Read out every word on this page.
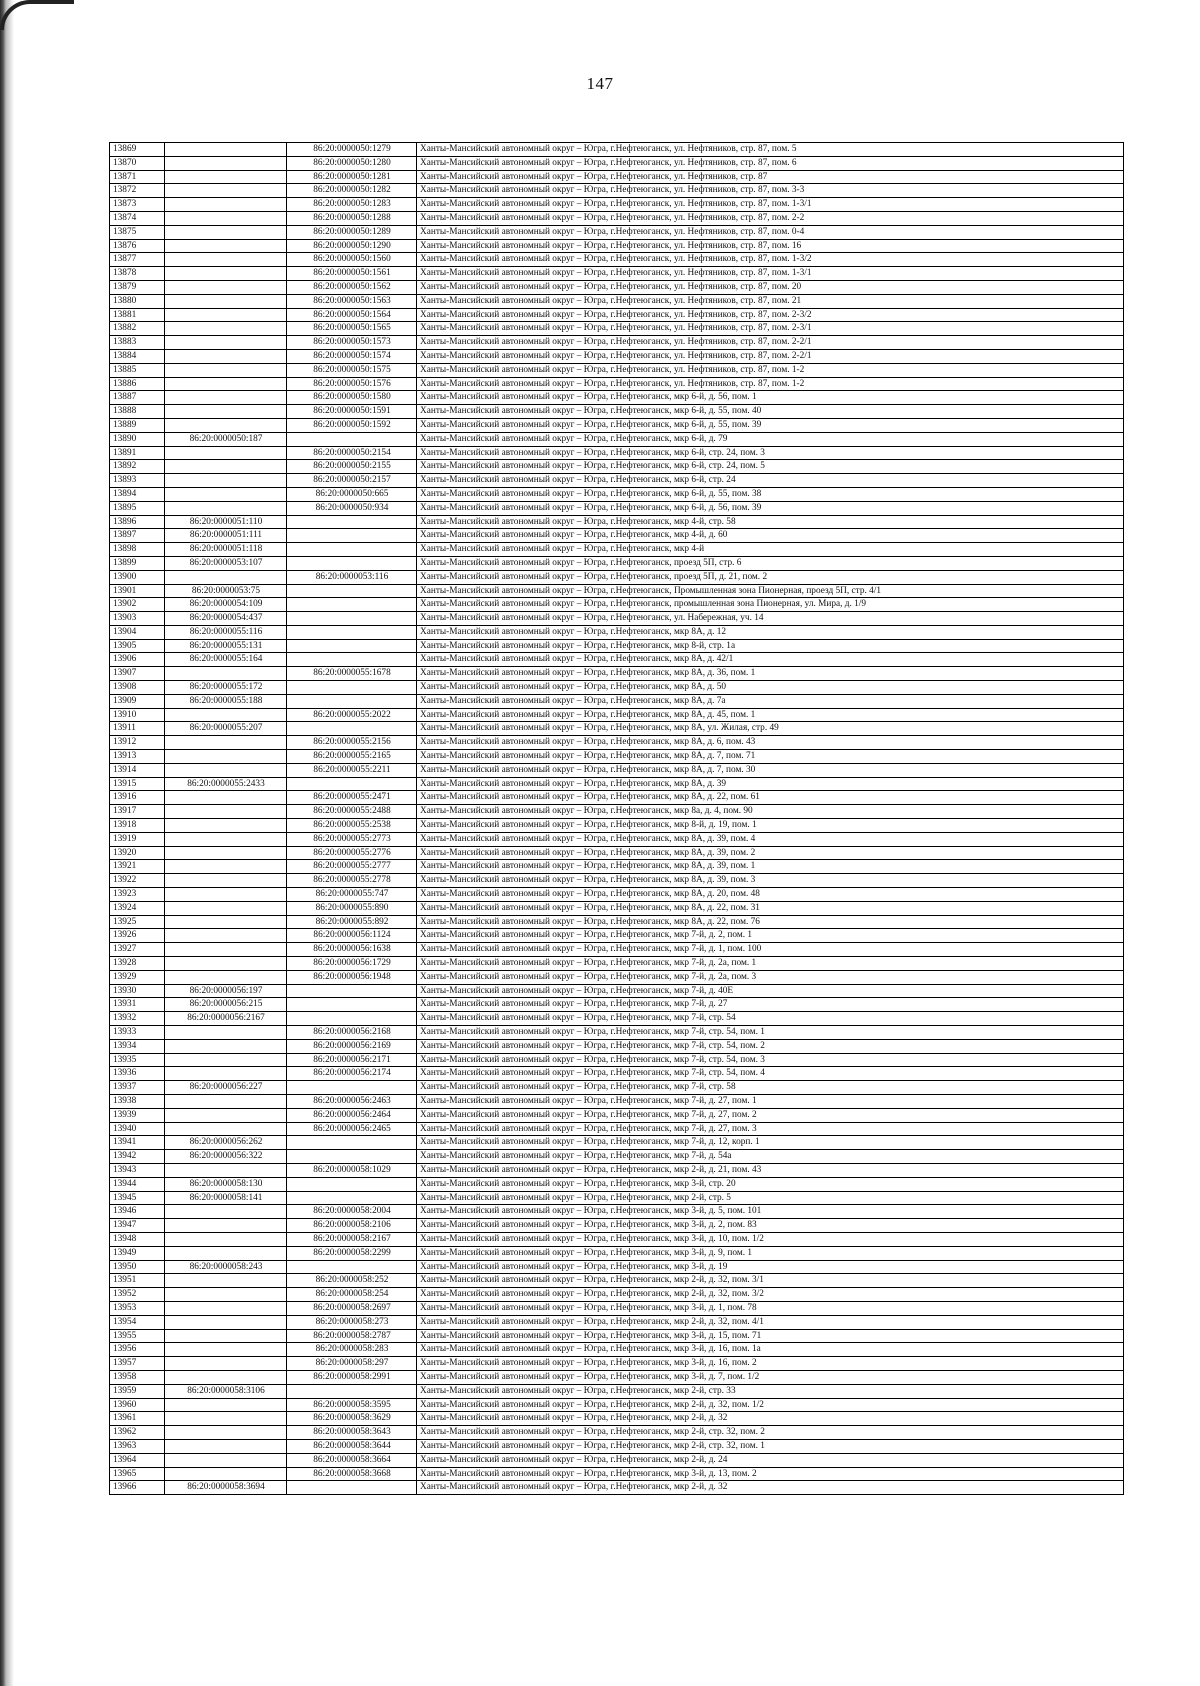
147
13869		86:20:0000050:1279	Ханты-Мансийский автономный округ – Югра, г.Нефтеюганск, ул. Нефтяников, стр. 87, пом. 5
13870		86:20:0000050:1280	Ханты-Мансийский автономный округ – Югра, г.Нефтеюганск, ул. Нефтяников, стр. 87, пом. 6
13871		86:20:0000050:1281	Ханты-Мансийский автономный округ – Югра, г.Нефтеюганск, ул. Нефтяников, стр. 87
13872		86:20:0000050:1282	Ханты-Мансийский автономный округ – Югра, г.Нефтеюганск, ул. Нефтяников, стр. 87, пом. 3-3
13873		86:20:0000050:1283	Ханты-Мансийский автономный округ – Югра, г.Нефтеюганск, ул. Нефтяников, стр. 87, пом. 1-3/1
13874		86:20:0000050:1288	Ханты-Мансийский автономный округ – Югра, г.Нефтеюганск, ул. Нефтяников, стр. 87, пом. 2-2
13875		86:20:0000050:1289	Ханты-Мансийский автономный округ – Югра, г.Нефтеюганск, ул. Нефтяников, стр. 87, пом. 0-4
13876		86:20:0000050:1290	Ханты-Мансийский автономный округ – Югра, г.Нефтеюганск, ул. Нефтяников, стр. 87, пом. 16
13877		86:20:0000050:1560	Ханты-Мансийский автономный округ – Югра, г.Нефтеюганск, ул. Нефтяников, стр. 87, пом. 1-3/2
13878		86:20:0000050:1561	Ханты-Мансийский автономный округ – Югра, г.Нефтеюганск, ул. Нефтяников, стр. 87, пом. 1-3/1
13879		86:20:0000050:1562	Ханты-Мансийский автономный округ – Югра, г.Нефтеюганск, ул. Нефтяников, стр. 87, пом. 20
13880		86:20:0000050:1563	Ханты-Мансийский автономный округ – Югра, г.Нефтеюганск, ул. Нефтяников, стр. 87, пом. 21
13881		86:20:0000050:1564	Ханты-Мансийский автономный округ – Югра, г.Нефтеюганск, ул. Нефтяников, стр. 87, пом. 2-3/2
13882		86:20:0000050:1565	Ханты-Мансийский автономный округ – Югра, г.Нефтеюганск, ул. Нефтяников, стр. 87, пом. 2-3/1
13883		86:20:0000050:1573	Ханты-Мансийский автономный округ – Югра, г.Нефтеюганск, ул. Нефтяников, стр. 87, пом. 2-2/1
13884		86:20:0000050:1574	Ханты-Мансийский автономный округ – Югра, г.Нефтеюганск, ул. Нефтяников, стр. 87, пом. 2-2/1
13885		86:20:0000050:1575	Ханты-Мансийский автономный округ – Югра, г.Нефтеюганск, ул. Нефтяников, стр. 87, пом. 1-2
13886		86:20:0000050:1576	Ханты-Мансийский автономный округ – Югра, г.Нефтеюганск, ул. Нефтяников, стр. 87, пом. 1-2
13887		86:20:0000050:1580	Ханты-Мансийский автономный округ – Югра, г.Нефтеюганск, мкр 6-й, д. 56, пом. 1
13888		86:20:0000050:1591	Ханты-Мансийский автономный округ – Югра, г.Нефтеюганск, мкр 6-й, д. 55, пом. 40
13889		86:20:0000050:1592	Ханты-Мансийский автономный округ – Югра, г.Нефтеюганск, мкр 6-й, д. 55, пом. 39
13890	86:20:0000050:187		Ханты-Мансийский автономный округ – Югра, г.Нефтеюганск, мкр 6-й, д. 79
13891		86:20:0000050:2154	Ханты-Мансийский автономный округ – Югра, г.Нефтеюганск, мкр 6-й, стр. 24, пом. 3
13892		86:20:0000050:2155	Ханты-Мансийский автономный округ – Югра, г.Нефтеюганск, мкр 6-й, стр. 24, пом. 5
13893		86:20:0000050:2157	Ханты-Мансийский автономный округ – Югра, г.Нефтеюганск, мкр 6-й, стр. 24
13894		86:20:0000050:665	Ханты-Мансийский автономный округ – Югра, г.Нефтеюганск, мкр 6-й, д. 55, пом. 38
13895		86:20:0000050:934	Ханты-Мансийский автономный округ – Югра, г.Нефтеюганск, мкр 6-й, д. 56, пом. 39
13896	86:20:0000051:110		Ханты-Мансийский автономный округ – Югра, г.Нефтеюганск, мкр 4-й, стр. 58
13897	86:20:0000051:111		Ханты-Мансийский автономный округ – Югра, г.Нефтеюганск, мкр 4-й, д. 60
13898	86:20:0000051:118		Ханты-Мансийский автономный округ – Югра, г.Нефтеюганск, мкр 4-й
13899	86:20:0000053:107		Ханты-Мансийский автономный округ – Югра, г.Нефтеюганск, проезд 5П, стр. 6
13900		86:20:0000053:116	Ханты-Мансийский автономный округ – Югра, г.Нефтеюганск, проезд 5П, д. 21, пом. 2
13901	86:20:0000053:75		Ханты-Мансийский автономный округ – Югра, г.Нефтеюганск, Промышленная зона Пионерная, проезд 5П, стр. 4/1
13902	86:20:0000054:109		Ханты-Мансийский автономный округ – Югра, г.Нефтеюганск, промышленная зона Пионерная, ул. Мира, д. 1/9
13903	86:20:0000054:437		Ханты-Мансийский автономный округ – Югра, г.Нефтеюганск, ул. Набережная, уч. 14
13904	86:20:0000055:116		Ханты-Мансийский автономный округ – Югра, г.Нефтеюганск, мкр 8А, д. 12
13905	86:20:0000055:131		Ханты-Мансийский автономный округ – Югра, г.Нефтеюганск, мкр 8-й, стр. 1а
13906	86:20:0000055:164		Ханты-Мансийский автономный округ – Югра, г.Нефтеюганск, мкр 8А, д. 42/1
13907		86:20:0000055:1678	Ханты-Мансийский автономный округ – Югра, г.Нефтеюганск, мкр 8А, д. 36, пом. 1
13908	86:20:0000055:172		Ханты-Мансийский автономный округ – Югра, г.Нефтеюганск, мкр 8А, д. 50
13909	86:20:0000055:188		Ханты-Мансийский автономный округ – Югра, г.Нефтеюганск, мкр 8А, д. 7а
13910		86:20:0000055:2022	Ханты-Мансийский автономный округ – Югра, г.Нефтеюганск, мкр 8А, д. 45, пом. 1
13911	86:20:0000055:207		Ханты-Мансийский автономный округ – Югра, г.Нефтеюганск, мкр 8А, ул. Жилая, стр. 49
13912		86:20:0000055:2156	Ханты-Мансийский автономный округ – Югра, г.Нефтеюганск, мкр 8А, д. 6, пом. 43
13913		86:20:0000055:2165	Ханты-Мансийский автономный округ – Югра, г.Нефтеюганск, мкр 8А, д. 7, пом. 71
13914		86:20:0000055:2211	Ханты-Мансийский автономный округ – Югра, г.Нефтеюганск, мкр 8А, д. 7, пом. 30
13915	86:20:0000055:2433		Ханты-Мансийский автономный округ – Югра, г.Нефтеюганск, мкр 8А, д. 39
13916		86:20:0000055:2471	Ханты-Мансийский автономный округ – Югра, г.Нефтеюганск, мкр 8А, д. 22, пом. 61
13917		86:20:0000055:2488	Ханты-Мансийский автономный округ – Югра, г.Нефтеюганск, мкр 8а, д. 4, пом. 90
13918		86:20:0000055:2538	Ханты-Мансийский автономный округ – Югра, г.Нефтеюганск, мкр 8-й, д. 19, пом. 1
13919		86:20:0000055:2773	Ханты-Мансийский автономный округ – Югра, г.Нефтеюганск, мкр 8А, д. 39, пом. 4
13920		86:20:0000055:2776	Ханты-Мансийский автономный округ – Югра, г.Нефтеюганск, мкр 8А, д. 39, пом. 2
13921		86:20:0000055:2777	Ханты-Мансийский автономный округ – Югра, г.Нефтеюганск, мкр 8А, д. 39, пом. 1
13922		86:20:0000055:2778	Ханты-Мансийский автономный округ – Югра, г.Нефтеюганск, мкр 8А, д. 39, пом. 3
13923		86:20:0000055:747	Ханты-Мансийский автономный округ – Югра, г.Нефтеюганск, мкр 8А, д. 20, пом. 48
13924		86:20:0000055:890	Ханты-Мансийский автономный округ – Югра, г.Нефтеюганск, мкр 8А, д. 22, пом. 31
13925		86:20:0000055:892	Ханты-Мансийский автономный округ – Югра, г.Нефтеюганск, мкр 8А, д. 22, пом. 76
13926		86:20:0000056:1124	Ханты-Мансийский автономный округ – Югра, г.Нефтеюганск, мкр 7-й, д. 2, пом. 1
13927		86:20:0000056:1638	Ханты-Мансийский автономный округ – Югра, г.Нефтеюганск, мкр 7-й, д. 1, пом. 100
13928		86:20:0000056:1729	Ханты-Мансийский автономный округ – Югра, г.Нефтеюганск, мкр 7-й, д. 2а, пом. 1
13929		86:20:0000056:1948	Ханты-Мансийский автономный округ – Югра, г.Нефтеюганск, мкр 7-й, д. 2а, пом. 3
13930	86:20:0000056:197		Ханты-Мансийский автономный округ – Югра, г.Нефтеюганск, мкр 7-й, д. 40Е
13931	86:20:0000056:215		Ханты-Мансийский автономный округ – Югра, г.Нефтеюганск, мкр 7-й, д. 27
13932	86:20:0000056:2167		Ханты-Мансийский автономный округ – Югра, г.Нефтеюганск, мкр 7-й, стр. 54
13933		86:20:0000056:2168	Ханты-Мансийский автономный округ – Югра, г.Нефтеюганск, мкр 7-й, стр. 54, пом. 1
13934		86:20:0000056:2169	Ханты-Мансийский автономный округ – Югра, г.Нефтеюганск, мкр 7-й, стр. 54, пом. 2
13935		86:20:0000056:2171	Ханты-Мансийский автономный округ – Югра, г.Нефтеюганск, мкр 7-й, стр. 54, пом. 3
13936		86:20:0000056:2174	Ханты-Мансийский автономный округ – Югра, г.Нефтеюганск, мкр 7-й, стр. 54, пом. 4
13937	86:20:0000056:227		Ханты-Мансийский автономный округ – Югра, г.Нефтеюганск, мкр 7-й, стр. 58
13938		86:20:0000056:2463	Ханты-Мансийский автономный округ – Югра, г.Нефтеюганск, мкр 7-й, д. 27, пом. 1
13939		86:20:0000056:2464	Ханты-Мансийский автономный округ – Югра, г.Нефтеюганск, мкр 7-й, д. 27, пом. 2
13940		86:20:0000056:2465	Ханты-Мансийский автономный округ – Югра, г.Нефтеюганск, мкр 7-й, д. 27, пом. 3
13941	86:20:0000056:262		Ханты-Мансийский автономный округ – Югра, г.Нефтеюганск, мкр 7-й, д. 12, корп. 1
13942	86:20:0000056:322		Ханты-Мансийский автономный округ – Югра, г.Нефтеюганск, мкр 7-й, д. 54а
13943		86:20:0000058:1029	Ханты-Мансийский автономный округ – Югра, г.Нефтеюганск, мкр 2-й, д. 21, пом. 43
13944	86:20:0000058:130		Ханты-Мансийский автономный округ – Югра, г.Нефтеюганск, мкр 3-й, стр. 20
13945	86:20:0000058:141		Ханты-Мансийский автономный округ – Югра, г.Нефтеюганск, мкр 2-й, стр. 5
13946		86:20:0000058:2004	Ханты-Мансийский автономный округ – Югра, г.Нефтеюганск, мкр 3-й, д. 5, пом. 101
13947		86:20:0000058:2106	Ханты-Мансийский автономный округ – Югра, г.Нефтеюганск, мкр 3-й, д. 2, пом. 83
13948		86:20:0000058:2167	Ханты-Мансийский автономный округ – Югра, г.Нефтеюганск, мкр 3-й, д. 10, пом. 1/2
13949		86:20:0000058:2299	Ханты-Мансийский автономный округ – Югра, г.Нефтеюганск, мкр 3-й, д. 9, пом. 1
13950	86:20:0000058:243		Ханты-Мансийский автономный округ – Югра, г.Нефтеюганск, мкр 3-й, д. 19
13951		86:20:0000058:252	Ханты-Мансийский автономный округ – Югра, г.Нефтеюганск, мкр 2-й, д. 32, пом. 3/1
13952		86:20:0000058:254	Ханты-Мансийский автономный округ – Югра, г.Нефтеюганск, мкр 2-й, д. 32, пом. 3/2
13953		86:20:0000058:2697	Ханты-Мансийский автономный округ – Югра, г.Нефтеюганск, мкр 3-й, д. 1, пом. 78
13954		86:20:0000058:273	Ханты-Мансийский автономный округ – Югра, г.Нефтеюганск, мкр 2-й, д. 32, пом. 4/1
13955		86:20:0000058:2787	Ханты-Мансийский автономный округ – Югра, г.Нефтеюганск, мкр 3-й, д. 15, пом. 71
13956		86:20:0000058:283	Ханты-Мансийский автономный округ – Югра, г.Нефтеюганск, мкр 3-й, д. 16, пом. 1а
13957		86:20:0000058:297	Ханты-Мансийский автономный округ – Югра, г.Нефтеюганск, мкр 3-й, д. 16, пом. 2
13958		86:20:0000058:2991	Ханты-Мансийский автономный округ – Югра, г.Нефтеюганск, мкр 3-й, д. 7, пом. 1/2
13959	86:20:0000058:3106		Ханты-Мансийский автономный округ – Югра, г.Нефтеюганск, мкр 2-й, стр. 33
13960		86:20:0000058:3595	Ханты-Мансийский автономный округ – Югра, г.Нефтеюганск, мкр 2-й, д. 32, пом. 1/2
13961		86:20:0000058:3629	Ханты-Мансийский автономный округ – Югра, г.Нефтеюганск, мкр 2-й, д. 32
13962		86:20:0000058:3643	Ханты-Мансийский автономный округ – Югра, г.Нефтеюганск, мкр 2-й, стр. 32, пом. 2
13963		86:20:0000058:3644	Ханты-Мансийский автономный округ – Югра, г.Нефтеюганск, мкр 2-й, стр. 32, пом. 1
13964		86:20:0000058:3664	Ханты-Мансийский автономный округ – Югра, г.Нефтеюганск, мкр 2-й, д. 24
13965		86:20:0000058:3668	Ханты-Мансийский автономный округ – Югра, г.Нефтеюганск, мкр 3-й, д. 13, пом. 2
13966	86:20:0000058:3694		Ханты-Мансийский автономный округ – Югра, г.Нефтеюганск, мкр 2-й, д. 32
